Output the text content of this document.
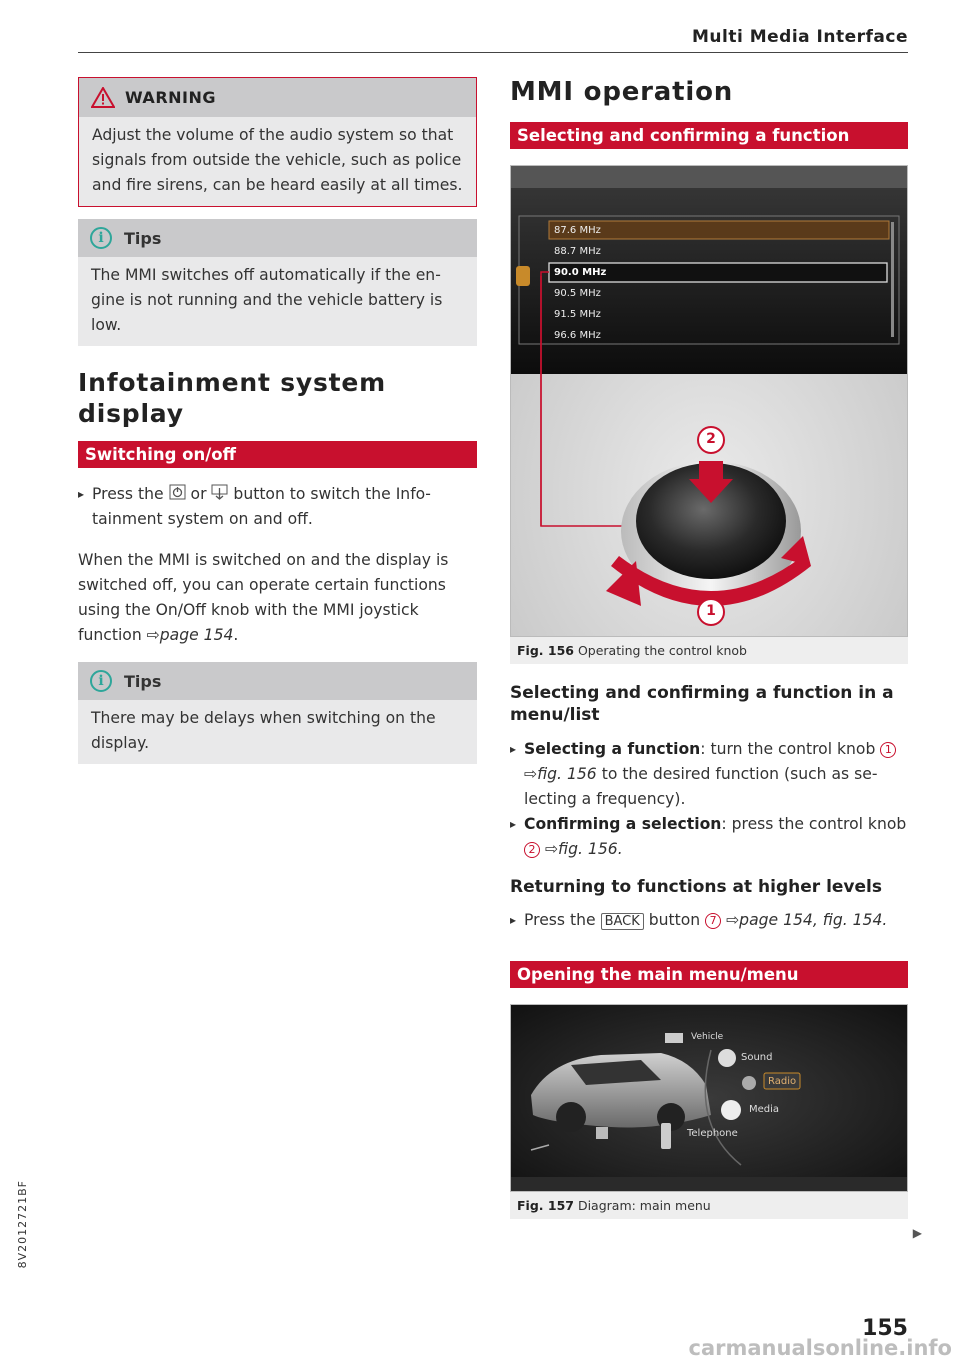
Multi Media Interface
WARNING
Adjust the volume of the audio system so that signals from outside the vehicle, such as police and fire sirens, can be heard easily at all times.
i	Tips
The MMI switches off automatically if the engine is not running and the vehicle battery is low.
Infotainment system display
Switching on/off
▸ Press the or button to switch the Infotainment system on and off.
When the MMI is switched on and the display is switched off, you can operate certain functions using the On/Off knob with the MMI joystick function ⇨page 154.
i	Tips
There may be delays when switching on the display.
MMI operation
Selecting and confirming a function
87.6 MHz
88.7 MHz
90.0 MHz
90.5 MHz
91.5 MHz
96.6 MHz
2
1
Fig. 156 Operating the control knob
Selecting and confirming a function in a menu/list
▸ Selecting a function: turn the control knob 1
⇨fig. 156 to the desired function (such as selecting a frequency).
▸ Confirming a selection: press the control knob
2 ⇨fig. 156.
Returning to functions at higher levels
▸ Press the BACK button 7 ⇨page 154, fig. 154.
Opening the main menu/menu
Vehicle
Sound
Radio
Media
Telephone
Fig. 157 Diagram: main menu
▶
155
8V2012721BF
carmanualsonline.info
